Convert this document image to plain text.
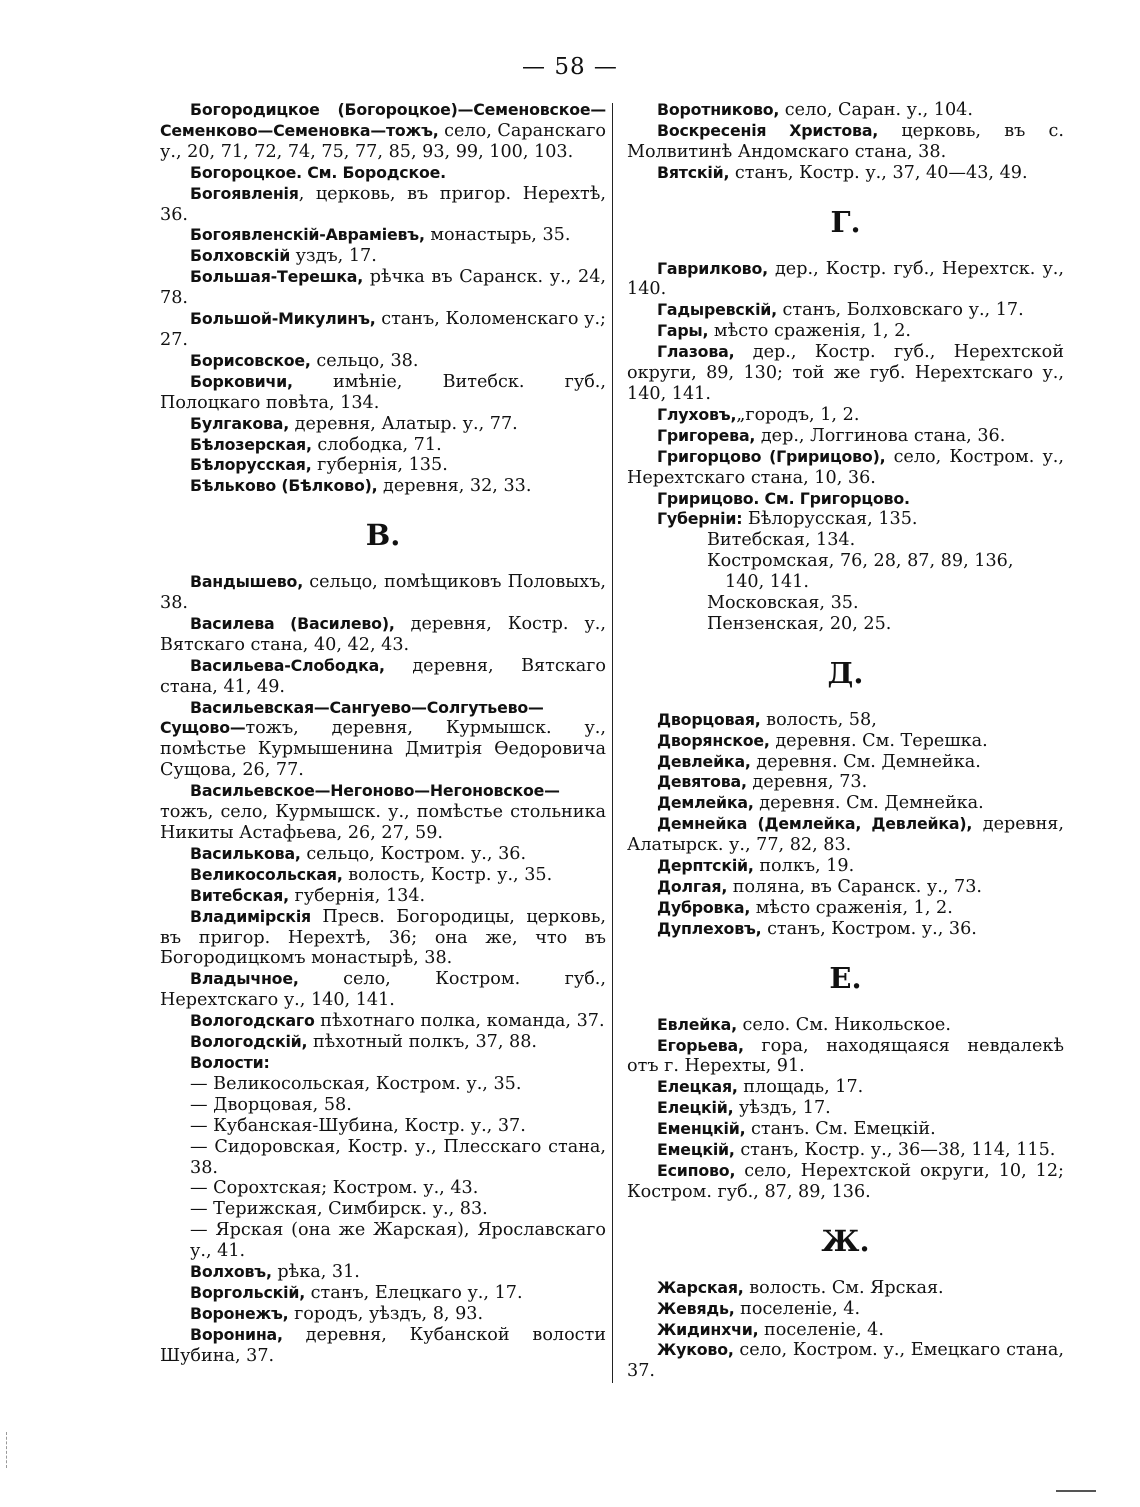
— 58 —
Богородицкое (Богороцкое)—Семеновское—Семенково—Семеновка—тожъ, село, Саранскаго у., 20, 71, 72, 74, 75, 77, 85, 93, 99, 100, 103.
Богороцкое. См. Бородское.
Богоявленія, церковь, въ пригор. Нерехтѣ, 36.
Богоявленскій-Авраміевъ, монастырь, 35.
Болховскій уздъ, 17.
Большая-Терешка, рѣчка въ Саранск. у., 24, 78.
Большой-Микулинъ, станъ, Коломенскаго у.; 27.
Борисовское, сельцо, 38.
Борковичи, имѣніе, Витебск. губ., Полоцкаго повѣта, 134.
Булгакова, деревня, Алатыр. у., 77.
Бѣлозерская, слободка, 71.
Бѣлорусская, губернія, 135.
Бѣльково (Бѣлково), деревня, 32, 33.
В.
Вандышево, сельцо, помѣщиковъ Половыхъ, 38.
Василева (Василево), деревня, Костр. у., Вятскаго стана, 40, 42, 43.
Васильева-Слободка, деревня, Вятскаго стана, 41, 49.
Васильевская—Сангуево—Солгутьево—Сущово—тожъ, деревня, Курмышск. у., помѣстье Курмышенина Дмитрія Ѳедоровича Сущова, 26, 77.
Васильевское—Негоново—Негоновское—тожъ, село, Курмышск. у., помѣстье стольника Никиты Астафьева, 26, 27, 59.
Василькова, сельцо, Костром. у., 36.
Великосольская, волость, Костр. у., 35.
Витебская, губернія, 134.
Владимірскія Пресв. Богородицы, церковь, въ пригор. Нерехтѣ, 36; она же, что въ Богородицкомъ монастырѣ, 38.
Владычное, село, Костром. губ., Нерехтскаго у., 140, 141.
Вологодскаго пѣхотнаго полка, команда, 37.
Вологодскій, пѣхотный полкъ, 37, 88.
Волости:
— Великосольская, Костром. у., 35.
— Дворцовая, 58.
— Кубанская-Шубина, Костр. у., 37.
— Сидоровская, Костр. у., Плесскаго стана, 38.
— Сорохтская; Костром. у., 43.
— Терижская, Симбирск. у., 83.
— Ярская (она же Жарская), Ярославскаго у., 41.
Волховъ, рѣка, 31.
Воргольскій, станъ, Елецкаго у., 17.
Воронежъ, городъ, уѣздъ, 8, 93.
Воронина, деревня, Кубанской волости Шубина, 37.
Воротниково, село, Саран. у., 104.
Воскресенія Христова, церковь, въ с. Молвитинѣ Андомскаго стана, 38.
Вятскій, станъ, Костр. у., 37, 40—43, 49.
Г.
Гаврилково, дер., Костр. губ., Нерехтск. у., 140.
Гадыревскій, станъ, Болховскаго у., 17.
Гары, мѣсто сраженія, 1, 2.
Глазова, дер., Костр. губ., Нерехтской округи, 89, 130; той же губ. Нерехтскаго у., 140, 141.
Глуховъ,„городъ, 1, 2.
Григорева, дер., Логгинова стана, 36.
Григорцово (Гририцово), село, Костром. у., Нерехтскаго стана, 10, 36.
Гририцово. См. Григорцово.
Губерніи: Бѣлорусская, 135.
Витебская, 134.
Костромская, 76, 28, 87, 89, 136,
140, 141.
Московская, 35.
Пензенская, 20, 25.
Д.
Дворцовая, волость, 58,
Дворянское, деревня. См. Терешка.
Девлейка, деревня. См. Демнейка.
Девятова, деревня, 73.
Демлейка, деревня. См. Демнейка.
Демнейка (Демлейка, Девлейка), деревня, Алатырск. у., 77, 82, 83.
Дерптскій, полкъ, 19.
Долгая, поляна, въ Саранск. у., 73.
Дубровка, мѣсто сраженія, 1, 2.
Дуплеховъ, станъ, Костром. у., 36.
Е.
Евлейка, село. См. Никольское.
Егорьева, гора, находящаяся невдалекѣ отъ г. Нерехты, 91.
Елецкая, площадь, 17.
Елецкій, уѣздъ, 17.
Еменцкій, станъ. См. Емецкій.
Емецкій, станъ, Костр. у., 36—38, 114, 115.
Есипово, село, Нерехтской округи, 10, 12; Костром. губ., 87, 89, 136.
Ж.
Жарская, волость. См. Ярская.
Жевядь, поселеніе, 4.
Жидинхчи, поселеніе, 4.
Жуково, село, Костром. у., Емецкаго стана, 37.
